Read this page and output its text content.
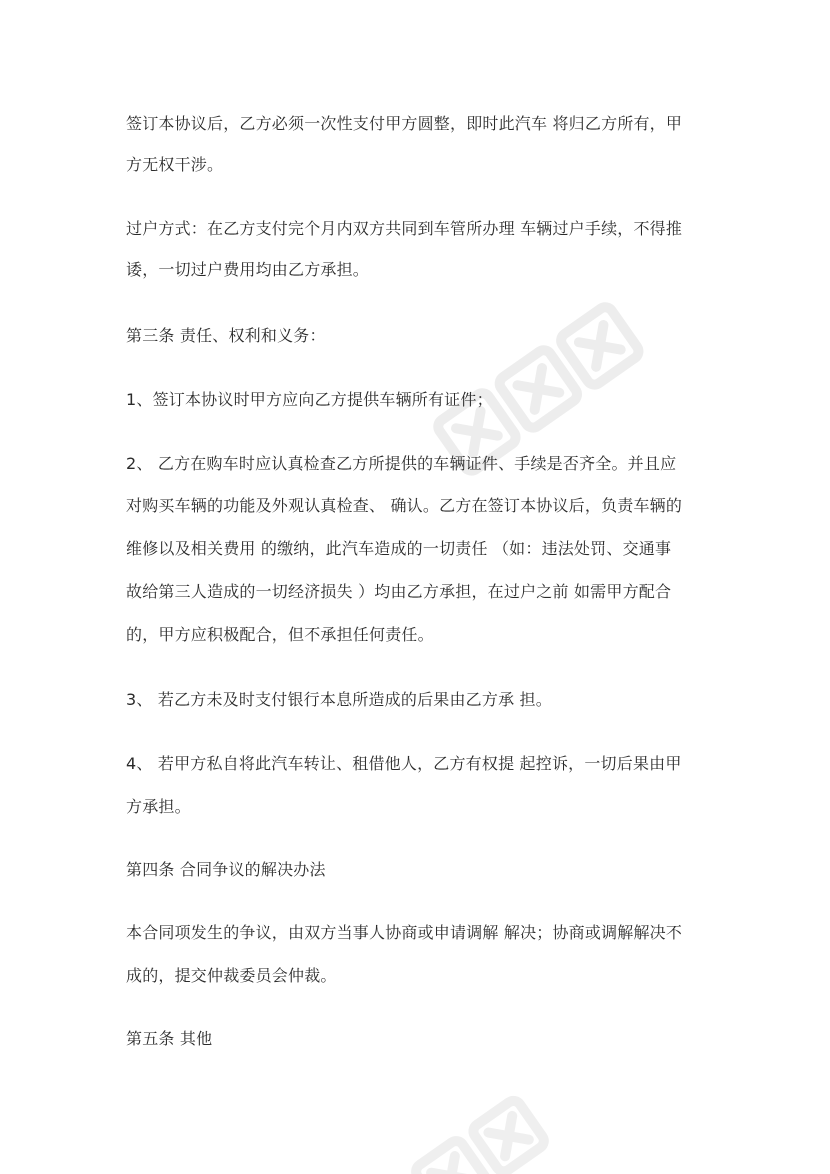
签订本协议后，乙方必须一次性支付甲方圆整，即时此汽车 将归乙方所有，甲
方无权干涉。
过户方式：在乙方支付完个月内双方共同到车管所办理 车辆过户手续，不得推
诿，一切过户费用均由乙方承担。
第三条 责任、权利和义务：
1、签订本协议时甲方应向乙方提供车辆所有证件；
2、 乙方在购车时应认真检查乙方所提供的车辆证件、手续是否齐全。并且应
对购买车辆的功能及外观认真检查、 确认。乙方在签订本协议后，负责车辆的
维修以及相关费用 的缴纳，此汽车造成的一切责任 （如：违法处罚、交通事
故给第三人造成的一切经济损失 ）均由乙方承担，在过户之前 如需甲方配合
的，甲方应积极配合，但不承担任何责任。
3、 若乙方未及时支付银行本息所造成的后果由乙方承 担。
4、 若甲方私自将此汽车转让、租借他人，乙方有权提 起控诉，一切后果由甲
方承担。
第四条 合同争议的解决办法
本合同项发生的争议，由双方当事人协商或申请调解 解决；协商或调解解决不
成的，提交仲裁委员会仲裁。
第五条 其他
